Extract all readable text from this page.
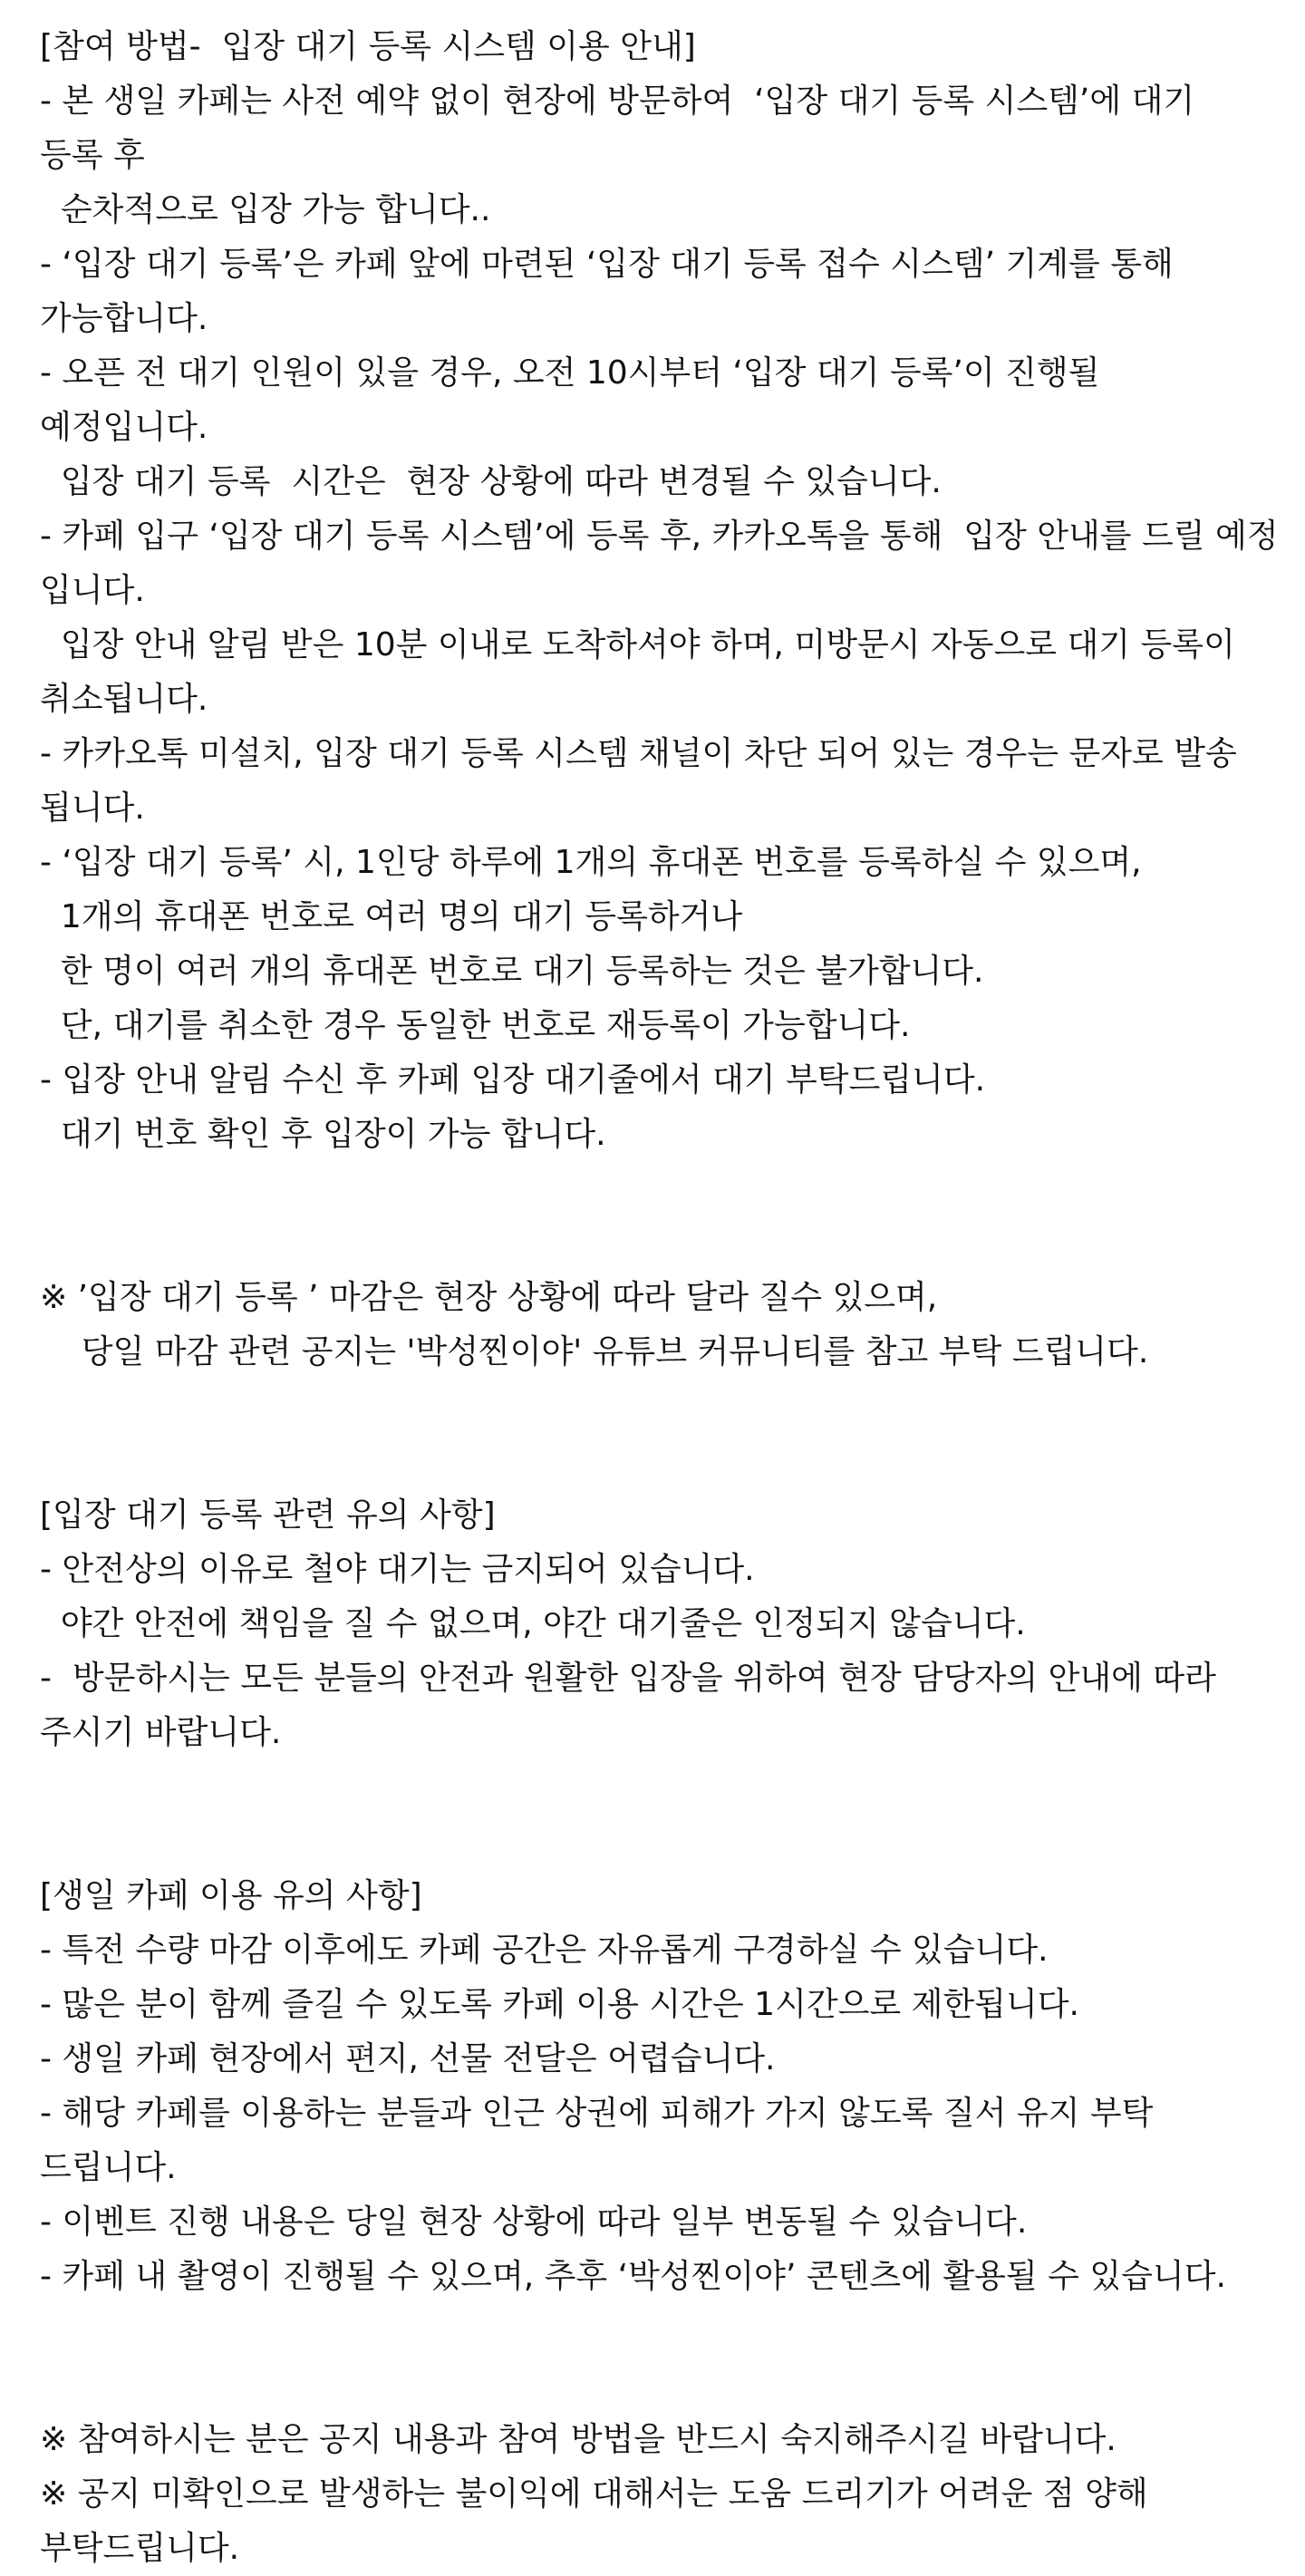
[참여 방법-  입장 대기 등록 시스템 이용 안내]
- 본 생일 카페는 사전 예약 없이 현장에 방문하여  ‘입장 대기 등록 시스템’에 대기
등록 후
순차적으로 입장 가능 합니다..
- ‘입장 대기 등록’은 카페 앞에 마련된 ‘입장 대기 등록 접수 시스템’ 기계를 통해
가능합니다.
- 오픈 전 대기 인원이 있을 경우, 오전 10시부터 ‘입장 대기 등록’이 진행될
예정입니다.
입장 대기 등록  시간은  현장 상황에 따라 변경될 수 있습니다.
- 카페 입구 ‘입장 대기 등록 시스템’에 등록 후, 카카오톡을 통해  입장 안내를 드릴 예정
입니다.
입장 안내 알림 받은 10분 이내로 도착하셔야 하며, 미방문시 자동으로 대기 등록이
취소됩니다.
- 카카오톡 미설치, 입장 대기 등록 시스템 채널이 차단 되어 있는 경우는 문자로 발송
됩니다.
- ‘입장 대기 등록’ 시, 1인당 하루에 1개의 휴대폰 번호를 등록하실 수 있으며,
1개의 휴대폰 번호로 여러 명의 대기 등록하거나
한 명이 여러 개의 휴대폰 번호로 대기 등록하는 것은 불가합니다.
단, 대기를 취소한 경우 동일한 번호로 재등록이 가능합니다.
- 입장 안내 알림 수신 후 카페 입장 대기줄에서 대기 부탁드립니다.
대기 번호 확인 후 입장이 가능 합니다.
※ ’입장 대기 등록 ’ 마감은 현장 상황에 따라 달라 질수 있으며,
당일 마감 관련 공지는 '박성찐이야' 유튜브 커뮤니티를 참고 부탁 드립니다.
[입장 대기 등록 관련 유의 사항]
- 안전상의 이유로 철야 대기는 금지되어 있습니다.
야간 안전에 책임을 질 수 없으며, 야간 대기줄은 인정되지 않습니다.
-  방문하시는 모든 분들의 안전과 원활한 입장을 위하여 현장 담당자의 안내에 따라
주시기 바랍니다.
[생일 카페 이용 유의 사항]
- 특전 수량 마감 이후에도 카페 공간은 자유롭게 구경하실 수 있습니다.
- 많은 분이 함께 즐길 수 있도록 카페 이용 시간은 1시간으로 제한됩니다.
- 생일 카페 현장에서 편지, 선물 전달은 어렵습니다.
- 해당 카페를 이용하는 분들과 인근 상권에 피해가 가지 않도록 질서 유지 부탁
드립니다.
- 이벤트 진행 내용은 당일 현장 상황에 따라 일부 변동될 수 있습니다.
- 카페 내 촬영이 진행될 수 있으며, 추후 ‘박성찐이야’ 콘텐츠에 활용될 수 있습니다.
※ 참여하시는 분은 공지 내용과 참여 방법을 반드시 숙지해주시길 바랍니다.
※ 공지 미확인으로 발생하는 불이익에 대해서는 도움 드리기가 어려운 점 양해
부탁드립니다.
